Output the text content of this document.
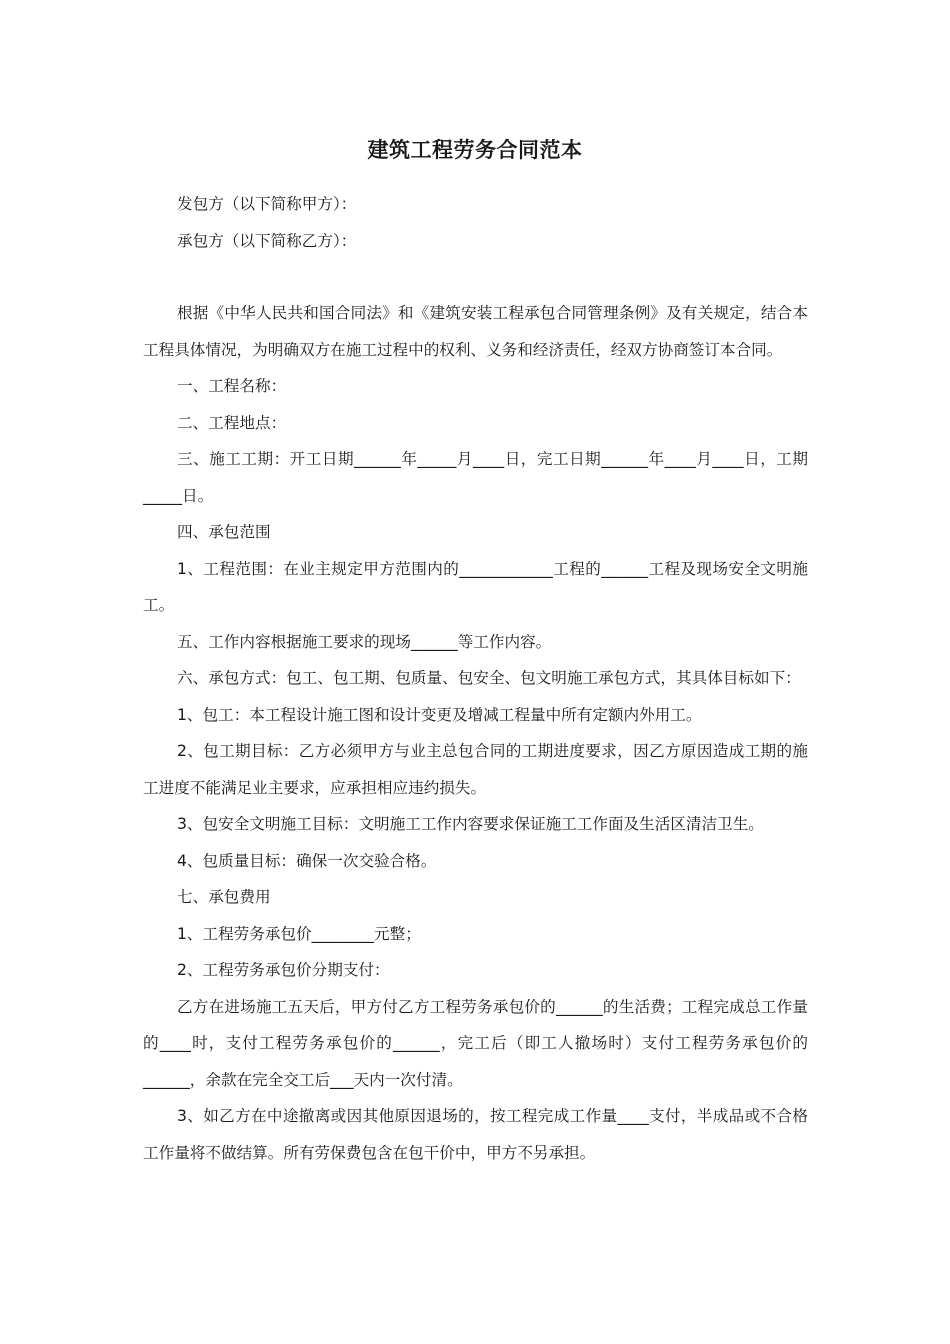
建筑工程劳务合同范本

发包方（以下简称甲方）：

承包方（以下简称乙方）：

根据《中华人民共和国合同法》和《建筑安装工程承包合同管理条例》及有关规定，结合本工程具体情况，为明确双方在施工过程中的权利、义务和经济责任，经双方协商签订本合同。

一、工程名称：

二、工程地点：

三、施工工期：开工日期______年_____月____日，完工日期______年____月____日，工期_____日。

四、承包范围

1、工程范围：在业主规定甲方范围内的____________工程的______工程及现场安全文明施工。

五、工作内容根据施工要求的现场______等工作内容。

六、承包方式：包工、包工期、包质量、包安全、包文明施工承包方式，其具体目标如下：

1、包工：本工程设计施工图和设计变更及增减工程量中所有定额内外用工。

2、包工期目标：乙方必须甲方与业主总包合同的工期进度要求，因乙方原因造成工期的施工进度不能满足业主要求，应承担相应违约损失。

3、包安全文明施工目标：文明施工工作内容要求保证施工工作面及生活区清洁卫生。

4、包质量目标：确保一次交验合格。

七、承包费用

1、工程劳务承包价________元整；

2、工程劳务承包价分期支付：

乙方在进场施工五天后，甲方付乙方工程劳务承包价的______的生活费；工程完成总工作量的____时，支付工程劳务承包价的______，完工后（即工人撤场时）支付工程劳务承包价的______，余款在完全交工后___天内一次付清。

3、如乙方在中途撤离或因其他原因退场的，按工程完成工作量____支付，半成品或不合格工作量将不做结算。所有劳保费包含在包干价中，甲方不另承担。
